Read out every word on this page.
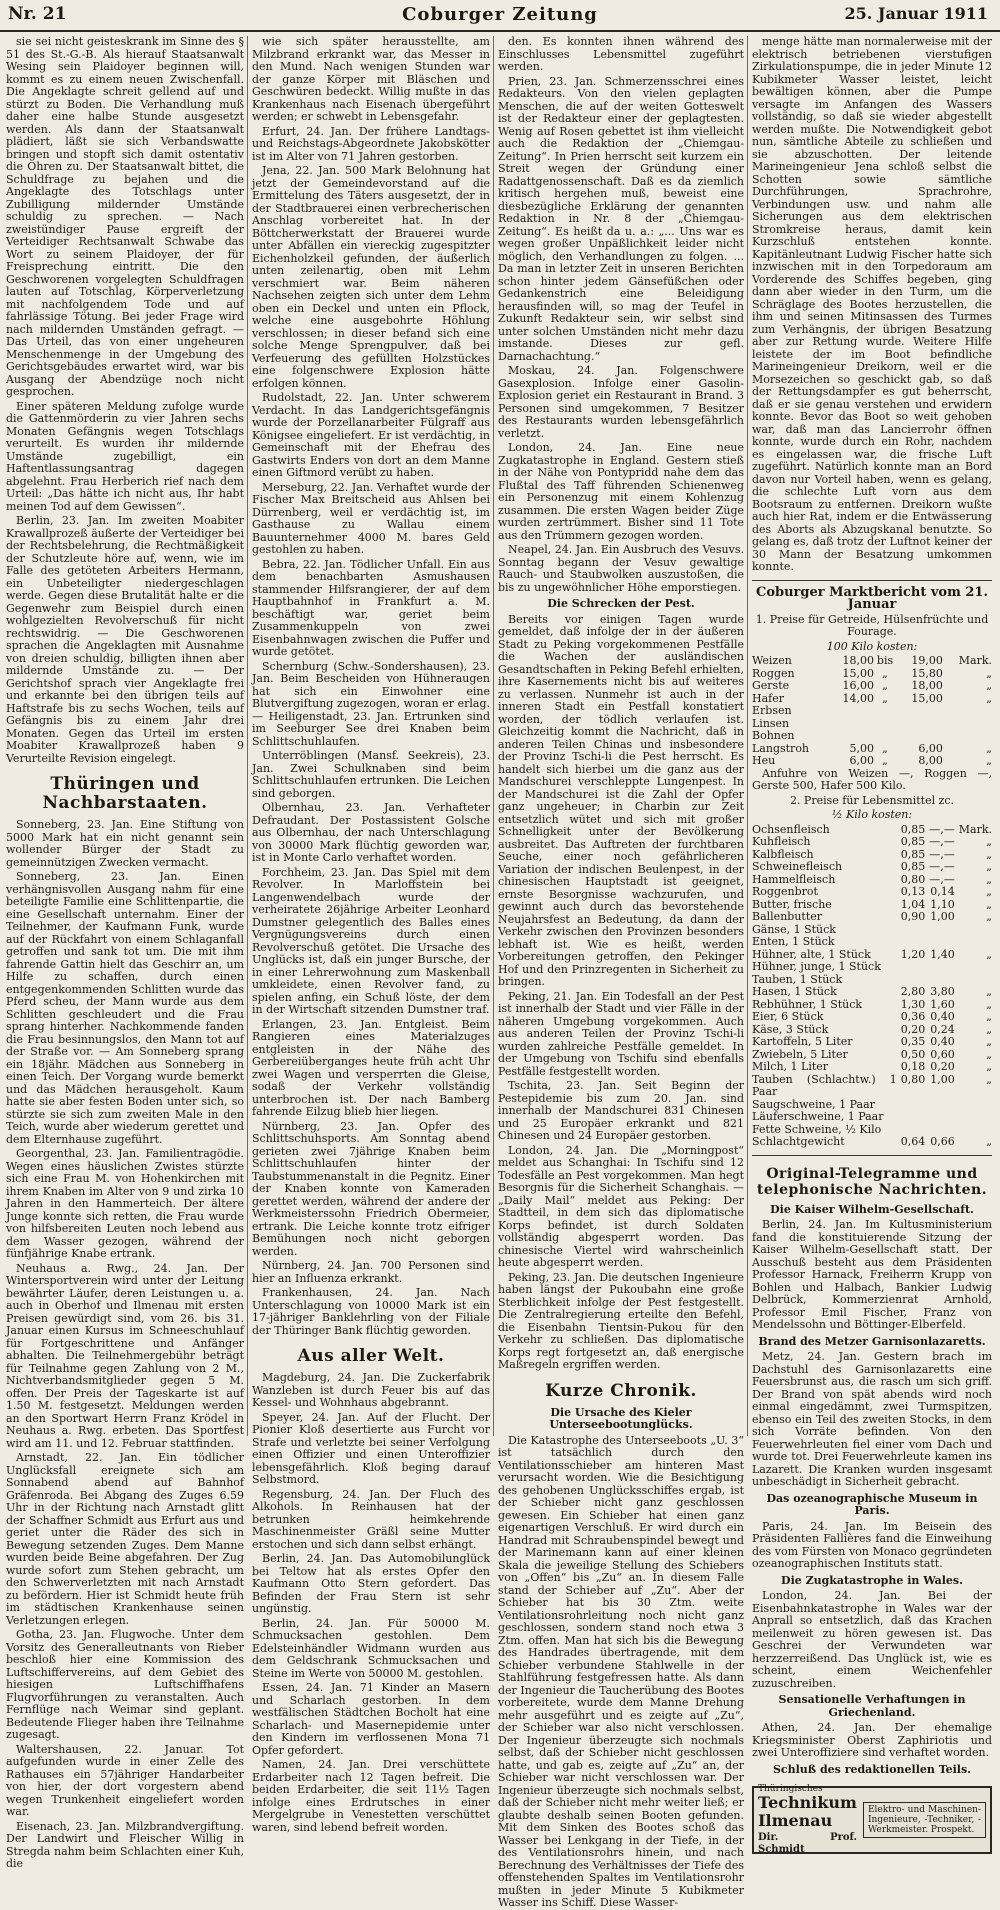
Nr. 21	Coburger Zeitung	25. Januar 1911

sie sei nicht geisteskrank im Sinne des § 51 des St.-G.-B. Als hierauf Staatsanwalt Wesing sein Plaidoyer beginnen will, kommt es zu einem neuen Zwischenfall. Die Angeklagte schreit gellend auf und stürzt zu Boden. Die Verhandlung muß daher eine halbe Stunde ausgesetzt werden. Als dann der Staatsanwalt plädiert, läßt sie sich Verbandswatte bringen und stopft sich damit ostentativ die Ohren zu. Der Staatsanwalt bittet, die Schuldfrage zu bejahen und die Angeklagte des Totschlags unter Zubilligung mildernder Umstände schuldig zu sprechen. — Nach zweistündiger Pause ergreift der Verteidiger Rechtsanwalt Schwabe das Wort zu seinem Plaidoyer, der für Freisprechung eintritt. Die den Geschworenen vorgelegten Schuldfragen lauten auf Totschlag, Körperverletzung mit nachfolgendem Tode und auf fahrlässige Tötung. Bei jeder Frage wird nach mildernden Umständen gefragt. — Das Urteil, das von einer ungeheuren Menschenmenge in der Umgebung des Gerichtsgebäudes erwartet wird, war bis Ausgang der Abendzüge noch nicht gesprochen.

Einer späteren Meldung zufolge wurde die Gattenmörderin zu vier Jahren sechs Monaten Gefängnis wegen Totschlags verurteilt. Es wurden ihr mildernde Umstände zugebilligt, ein Haftentlassungsantrag dagegen abgelehnt. Frau Herberich rief nach dem Urteil: „Das hätte ich nicht aus, Ihr habt meinen Tod auf dem Gewissen“.

Berlin, 23. Jan. Im zweiten Moabiter Krawallprozeß äußerte der Verteidiger bei der Rechtsbelehrung, die Rechtmäßigkeit der Schutzleute höre auf, wenn, wie im Falle des getöteten Arbeiters Hermann, ein Unbeteiligter niedergeschlagen werde. Gegen diese Brutalität halte er die Gegenwehr zum Beispiel durch einen wohlgezielten Revolverschuß für nicht rechtswidrig. — Die Geschworenen sprachen die Angeklagten mit Ausnahme von dreien schuldig, billigten ihnen aber mildernde Umstände zu. — Der Gerichtshof sprach vier Angeklagte frei und erkannte bei den übrigen teils auf Haftstrafe bis zu sechs Wochen, teils auf Gefängnis bis zu einem Jahr drei Monaten. Gegen das Urteil im ersten Moabiter Krawallprozeß haben 9 Verurteilte Revision eingelegt.

Thüringen und Nachbarstaaten.

Sonneberg, 23. Jan. Eine Stiftung von 5000 Mark hat ein nicht genannt sein wollender Bürger der Stadt zu gemeinnützigen Zwecken vermacht.

Sonneberg, 23. Jan. Einen verhängnisvollen Ausgang nahm für eine beteiligte Familie eine Schlittenpartie, die eine Gesellschaft unternahm. Einer der Teilnehmer, der Kaufmann Funk, wurde auf der Rückfahrt von einem Schlaganfall getroffen und sank tot um. Die mit ihm fahrende Gattin hielt das Geschirr an, um Hilfe zu schaffen, durch einen entgegenkommenden Schlitten wurde das Pferd scheu, der Mann wurde aus dem Schlitten geschleudert und die Frau sprang hinterher. Nachkommende fanden die Frau besinnungslos, den Mann tot auf der Straße vor. — Am Sonneberg sprang ein 18jähr. Mädchen aus Sonneberg in einen Teich. Der Vorgang wurde bemerkt und das Mädchen herausgeholt. Kaum hatte sie aber festen Boden unter sich, so stürzte sie sich zum zweiten Male in den Teich, wurde aber wiederum gerettet und dem Elternhause zugeführt.

Georgenthal, 23. Jan. Familientragödie. Wegen eines häuslichen Zwistes stürzte sich eine Frau M. von Hohenkirchen mit ihrem Knaben im Alter von 9 und zirka 10 Jahren in den Hammerteich. Der ältere Junge konnte sich retten, die Frau wurde von hilfsbereiten Leuten noch lebend aus dem Wasser gezogen, während der fünfjährige Knabe ertrank.

Neuhaus a. Rwg., 24. Jan. Der Wintersportverein wird unter der Leitung bewährter Läufer, deren Leistungen u. a. auch in Oberhof und Ilmenau mit ersten Preisen gewürdigt sind, vom 26. bis 31. Januar einen Kursus im Schneeschuhlauf für Fortgeschrittene und Anfänger abhalten. Die Teilnehmergebühr beträgt für Teilnahme gegen Zahlung von 2 M., Nichtverbandsmitglieder gegen 5 M. offen. Der Preis der Tageskarte ist auf 1.50 M. festgesetzt. Meldungen werden an den Sportwart Herrn Franz Krödel in Neuhaus a. Rwg. erbeten. Das Sportfest wird am 11. und 12. Februar stattfinden.

Arnstadt, 22. Jan. Ein tödlicher Unglücksfall ereignete sich am Sonnabend abend auf Bahnhof Gräfenroda. Bei Abgang des Zuges 6.59 Uhr in der Richtung nach Arnstadt glitt der Schaffner Schmidt aus Erfurt aus und geriet unter die Räder des sich in Bewegung setzenden Zuges. Dem Manne wurden beide Beine abgefahren. Der Zug wurde sofort zum Stehen gebracht, um den Schwerverletzten mit nach Arnstadt zu befördern. Hier ist Schmidt heute früh im städtischen Krankenhause seinen Verletzungen erlegen.

Gotha, 23. Jan. Flugwoche. Unter dem Vorsitz des Generalleutnants von Rieber beschloß hier eine Kommission des Luftschiffervereins, auf dem Gebiet des hiesigen Luftschiffhafens Flugvorführungen zu veranstalten. Auch Fernflüge nach Weimar sind geplant. Bedeutende Flieger haben ihre Teilnahme zugesagt.

Waltershausen, 22. Januar. Tot aufgefunden wurde in einer Zelle des Rathauses ein 57jähriger Handarbeiter von hier, der dort vorgestern abend wegen Trunkenheit eingeliefert worden war.

Eisenach, 23. Jan. Milzbrandvergiftung. Der Landwirt und Fleischer Willig in Stregda nahm beim Schlachten einer Kuh, die

wie sich später herausstellte, am Milzbrand erkrankt war, das Messer in den Mund. Nach wenigen Stunden war der ganze Körper mit Bläschen und Geschwüren bedeckt. Willig mußte in das Krankenhaus nach Eisenach übergeführt werden; er schwebt in Lebensgefahr.

Erfurt, 24. Jan. Der frühere Landtags- und Reichstags-Abgeordnete Jakobskötter ist im Alter von 71 Jahren gestorben.

Jena, 22. Jan. 500 Mark Belohnung hat jetzt der Gemeindevorstand auf die Ermittelung des Täters ausgesetzt, der in der Stadtbrauerei einen verbrecherischen Anschlag vorbereitet hat. In der Böttcherwerkstatt der Brauerei wurde unter Abfällen ein viereckig zugespitzter Eichenholzkeil gefunden, der äußerlich unten zeilenartig, oben mit Lehm verschmiert war. Beim näheren Nachsehen zeigten sich unter dem Lehm oben ein Deckel und unten ein Pflock, welche eine ausgebohrte Höhlung verschlossen; in dieser befand sich eine solche Menge Sprengpulver, daß bei Verfeuerung des gefüllten Holzstückes eine folgenschwere Explosion hätte erfolgen können.

Rudolstadt, 22. Jan. Unter schwerem Verdacht. In das Landgerichtsgefängnis wurde der Porzellanarbeiter Fülgraff aus Königsee eingeliefert. Er ist verdächtig, in Gemeinschaft mit der Ehefrau des Gastwirts Enders von dort an dem Manne einen Giftmord verübt zu haben.

Merseburg, 22. Jan. Verhaftet wurde der Fischer Max Breitscheid aus Ahlsen bei Dürrenberg, weil er verdächtig ist, im Gasthause zu Wallau einem Bauunternehmer 4000 M. bares Geld gestohlen zu haben.

Bebra, 22. Jan. Tödlicher Unfall. Ein aus dem benachbarten Asmushausen stammender Hilfsrangierer, der auf dem Hauptbahnhof in Frankfurt a. M. beschäftigt war, geriet beim Zusammenkuppeln von zwei Eisenbahnwagen zwischen die Puffer und wurde getötet.

Schernburg (Schw.-Sondershausen), 23. Jan. Beim Bescheiden von Hühneraugen hat sich ein Einwohner eine Blutvergiftung zugezogen, woran er erlag. — Heiligenstadt, 23. Jan. Ertrunken sind im Seeburger See drei Knaben beim Schlittschuhlaufen.

Unterröblingen (Mansf. Seekreis), 23. Jan. Zwei Schulknaben sind beim Schlittschuhlaufen ertrunken. Die Leichen sind geborgen.

Olbernhau, 23. Jan. Verhafteter Defraudant. Der Postassistent Golsche aus Olbernhau, der nach Unterschlagung von 30000 Mark flüchtig geworden war, ist in Monte Carlo verhaftet worden.

Forchheim, 23. Jan. Das Spiel mit dem Revolver. In Marloffstein bei Langenwendelbach wurde der verheiratete 26jährige Arbeiter Leonhard Dumstner gelegentlich des Balles eines Vergnügungsvereins durch einen Revolverschuß getötet. Die Ursache des Unglücks ist, daß ein junger Bursche, der in einer Lehrerwohnung zum Maskenball umkleidete, einen Revolver fand, zu spielen anfing, ein Schuß löste, der dem in der Wirtschaft sitzenden Dumstner traf.

Erlangen, 23. Jan. Entgleist. Beim Rangieren eines Materialzuges entgleisten in der Nähe des Gerbereiüberganges heute früh acht Uhr zwei Wagen und versperrten die Gleise, sodaß der Verkehr vollständig unterbrochen ist. Der nach Bamberg fahrende Eilzug blieb hier liegen.

Nürnberg, 23. Jan. Opfer des Schlittschuhsports. Am Sonntag abend gerieten zwei 7jährige Knaben beim Schlittschuhlaufen hinter der Taubstummenanstalt in die Pegnitz. Einer der Knaben konnte von Kameraden gerettet werden, während der andere der Werkmeisterssohn Friedrich Obermeier, ertrank. Die Leiche konnte trotz eifriger Bemühungen noch nicht geborgen werden.

Nürnberg, 24. Jan. 700 Personen sind hier an Influenza erkrankt.

Frankenhausen, 24. Jan. Nach Unterschlagung von 10000 Mark ist ein 17-jähriger Banklehrling von der Filiale der Thüringer Bank flüchtig geworden.

Aus aller Welt.

Magdeburg, 24. Jan. Die Zuckerfabrik Wanzleben ist durch Feuer bis auf das Kessel- und Wohnhaus abgebrannt.

Speyer, 24. Jan. Auf der Flucht. Der Pionier Kloß desertierte aus Furcht vor Strafe und verletzte bei seiner Verfolgung einen Offizier und einen Unteroffizier lebensgefährlich. Kloß beging darauf Selbstmord.

Regensburg, 24. Jan. Der Fluch des Alkohols. In Reinhausen hat der betrunken heimkehrende Maschinenmeister Gräßl seine Mutter erstochen und sich dann selbst erhängt.

Berlin, 24. Jan. Das Automobilunglück bei Teltow hat als erstes Opfer den Kaufmann Otto Stern gefordert. Das Befinden der Frau Stern ist sehr ungünstig.

Berlin, 24. Jan. Für 50000 M. Schmucksachen gestohlen. Dem Edelsteinhändler Widmann wurden aus dem Geldschrank Schmucksachen und Steine im Werte von 50000 M. gestohlen.

Essen, 24. Jan. 71 Kinder an Masern und Scharlach gestorben. In dem westfälischen Städtchen Bocholt hat eine Scharlach- und Masernepidemie unter den Kindern im verflossenen Mona 71 Opfer gefordert.

Namen, 24. Jan. Drei verschüttete Erdarbeiter nach 12 Tagen befreit. Die beiden Erdarbeiter, die seit 11½ Tagen infolge eines Erdrutsches in einer Mergelgrube in Venestetten verschüttet waren, sind lebend befreit worden.

den. Es konnten ihnen während des Einschlusses Lebensmittel zugeführt werden.

Prien, 23. Jan. Schmerzensschrei eines Redakteurs. Von den vielen geplagten Menschen, die auf der weiten Gotteswelt ist der Redakteur einer der geplagtesten. Wenig auf Rosen gebettet ist ihm vielleicht auch die Redaktion der „Chiemgau-Zeitung“. In Prien herrscht seit kurzem ein Streit wegen der Gründung einer Radattgenossenschaft. Daß es da ziemlich kritisch hergehen muß, beweist eine diesbezügliche Erklärung der genannten Redaktion in Nr. 8 der „Chiemgau-Zeitung“. Es heißt da u. a.: „... Uns war es wegen großer Unpäßlichkeit leider nicht möglich, den Verhandlungen zu folgen. ... Da man in letzter Zeit in unseren Berichten schon hinter jedem Gänsefüßchen oder Gedankenstrich eine Beleidigung herausfinden will, so mag der Teufel in Zukunft Redakteur sein, wir selbst sind unter solchen Umständen nicht mehr dazu imstande. Dieses zur gefl. Darnachachtung.“

Moskau, 24. Jan. Folgenschwere Gasexplosion. Infolge einer Gasolin-Explosion geriet ein Restaurant in Brand. 3 Personen sind umgekommen, 7 Besitzer des Restaurants wurden lebensgefährlich verletzt.

London, 24. Jan. Eine neue Zugkatastrophe in England. Gestern stieß in der Nähe von Pontypridd nahe dem das Flußtal des Taff führenden Schienenweg ein Personenzug mit einem Kohlenzug zusammen. Die ersten Wagen beider Züge wurden zertrümmert. Bisher sind 11 Tote aus den Trümmern gezogen worden.

Neapel, 24. Jan. Ein Ausbruch des Vesuvs. Sonntag begann der Vesuv gewaltige Rauch- und Staubwolken auszustoßen, die bis zu ungewöhnlicher Höhe emporstiegen.

Die Schrecken der Pest.

Bereits vor einigen Tagen wurde gemeldet, daß infolge der in der äußeren Stadt zu Peking vorgekommenen Pestfälle die Wachen der ausländischen Gesandtschaften in Peking Befehl erhielten, ihre Kasernements nicht bis auf weiteres zu verlassen. Nunmehr ist auch in der inneren Stadt ein Pestfall konstatiert worden, der tödlich verlaufen ist. Gleichzeitig kommt die Nachricht, daß in anderen Teilen Chinas und insbesondere der Provinz Tschi-li die Pest herrscht. Es handelt sich hierbei um die ganz aus der Mandschurei verschleppte Lungenpest. In der Mandschurei ist die Zahl der Opfer ganz ungeheuer; in Charbin zur Zeit entsetzlich wütet und sich mit großer Schnelligkeit unter der Bevölkerung ausbreitet. Das Auftreten der furchtbaren Seuche, einer noch gefährlicheren Variation der indischen Beulenpest, in der chinesischen Hauptstadt ist geeignet, ernste Besorgnisse wachzurufen, und gewinnt auch durch das bevorstehende Neujahrsfest an Bedeutung, da dann der Verkehr zwischen den Provinzen besonders lebhaft ist. Wie es heißt, werden Vorbereitungen getroffen, den Pekinger Hof und den Prinzregenten in Sicherheit zu bringen.

Peking, 21. Jan. Ein Todesfall an der Pest ist innerhalb der Stadt und vier Fälle in der näheren Umgebung vorgekommen. Auch aus anderen Teilen der Provinz Tschi-li wurden zahlreiche Pestfälle gemeldet. In der Umgebung von Tschifu sind ebenfalls Pestfälle festgestellt worden.

Tschita, 23. Jan. Seit Beginn der Pestepidemie bis zum 20. Jan. sind innerhalb der Mandschurei 831 Chinesen und 25 Europäer erkrankt und 821 Chinesen und 24 Europäer gestorben.

London, 24. Jan. Die „Morningpost“ meldet aus Schanghai: In Tschifu sind 12 Todesfälle an Pest vorgekommen. Man hegt Besorgnis für die Sicherheit Schanghais. — „Daily Mail“ meldet aus Peking: Der Stadtteil, in dem sich das diplomatische Korps befindet, ist durch Soldaten vollständig abgesperrt worden. Das chinesische Viertel wird wahrscheinlich heute abgesperrt werden.

Peking, 23. Jan. Die deutschen Ingenieure haben längst der Pukoubahn eine große Sterblichkeit infolge der Pest festgestellt. Die Zentralregierung erteilte den Befehl, die Eisenbahn Tientsin-Pukou für den Verkehr zu schließen. Das diplomatische Korps regt fortgesetzt an, daß energische Maßregeln ergriffen werden.

Kurze Chronik.
Die Ursache des Kieler Unterseebootunglücks.

Die Katastrophe des Unterseeboots „U. 3“ ist tatsächlich durch den Ventilationsschieber am hinteren Mast verursacht worden. Wie die Besichtigung des gehobenen Unglücksschiffes ergab, ist der Schieber nicht ganz geschlossen gewesen. Ein Schieber hat einen ganz eigenartigen Verschluß. Er wird durch ein Handrad mit Schraubenspindel bewegt und der Marinemann kann auf einer kleinen Skala die jeweilige Stellung des Schiebers von „Offen“ bis „Zu“ an. In diesem Falle stand der Schieber auf „Zu“. Aber der Schieber hat bis 30 Ztm. weite Ventilationsrohrleitung noch nicht ganz geschlossen, sondern stand noch etwa 3 Ztm. offen. Man hat sich bis die Bewegung des Handrades übertragende, mit dem Schieber verbundene Stahlwelle in der Stahlführung festgefressen hatte. Als dann der Ingenieur die Taucherübung des Bootes vorbereitete, wurde dem Manne Drehung mehr ausgeführt und es zeigte auf „Zu“, der Schieber war also nicht verschlossen. Der Ingenieur überzeugte sich nochmals selbst, daß der Schieber nicht geschlossen hatte, und gab es, zeigte auf „Zu“ an, der Schieber war nicht verschlossen war. Der Ingenieur überzeugte sich nochmals selbst, daß der Schieber nicht mehr weiter ließ; er glaubte deshalb seinen Booten gefunden. Mit dem Sinken des Bootes schoß das Wasser bei Lenkgang in der Tiefe, in der des Ventilationsrohrs hinein, und nach Berechnung des Verhältnisses der Tiefe des offenstehenden Spaltes im Ventilationsrohr mußten in jeder Minute 5 Kubikmeter Wasser ins Schiff. Diese Wasser-

menge hätte man normalerweise mit der elektrisch betriebenen vierstufigen Zirkulationspumpe, die in jeder Minute 12 Kubikmeter Wasser leistet, leicht bewältigen können, aber die Pumpe versagte im Anfangen des Wassers vollständig, so daß sie wieder abgestellt werden mußte. Die Notwendigkeit gebot nun, sämtliche Abteile zu schließen und sie abzuschotten. Der leitende Marineingenieur Jena schloß selbst die Schotten sowie sämtliche Durchführungen, Sprachrohre, Verbindungen usw. und nahm alle Sicherungen aus dem elektrischen Stromkreise heraus, damit kein Kurzschluß entstehen konnte. Kapitänleutnant Ludwig Fischer hatte sich inzwischen mit in den Torpedoraum am Vorderende des Schiffes begeben, ging dann aber wieder in den Turm, um die Schräglage des Bootes herzustellen, die ihm und seinen Mitinsassen des Turmes zum Verhängnis, der übrigen Besatzung aber zur Rettung wurde. Weitere Hilfe leistete der im Boot befindliche Marineingenieur Dreikorn, weil er die Morsezeichen so geschickt gab, so daß der Rettungsdampfer es gut beherrscht, daß er sie genau verstehen und erwidern konnte. Bevor das Boot so weit gehoben war, daß man das Lancierrohr öffnen konnte, wurde durch ein Rohr, nachdem es eingelassen war, die frische Luft zugeführt. Natürlich konnte man an Bord davon nur Vorteil haben, wenn es gelang, die schlechte Luft vorn aus dem Bootsraum zu entfernen. Dreikorn wußte auch hier Rat, indem er die Entwässerung des Aborts als Abzugskanal benutzte. So gelang es, daß trotz der Luftnot keiner der 30 Mann der Besatzung umkommen konnte.

Coburger Marktbericht vom 21. Januar
1. Preise für Getreide, Hülsenfrüchte und Fourage.
100 Kilo kosten:
Weizen	18,00	bis	19,00	Mark.
Roggen	15,00	„	15,80	„
Gerste	16,00	„	18,00	„
Hafer	14,00	„	15,00	„
Erbsen				
Linsen				
Bohnen				
Langstroh	5,00	„	6,00	„
Heu	6,00	„	8,00	„

Anfuhre von Weizen —, Roggen —, Gerste 500, Hafer 500 Kilo.

2. Preise für Lebensmittel zc.
½ Kilo kosten:
Ochsenfleisch	0,85	—,—	Mark.
Kuhfleisch	0,85	—,—	„
Kalbfleisch	0,85	—,—	„
Schweinefleisch	0,85	—,—	„
Hammelfleisch	0,80	—,—	„
Roggenbrot	0,13	0,14	„
Butter, frische	1,04	1,10	„
Ballenbutter	0,90	1,00	„
Gänse, 1 Stück			
Enten, 1 Stück			
Hühner, alte, 1 Stück	1,20	1,40	„
Hühner, junge, 1 Stück			
Tauben, 1 Stück			
Hasen, 1 Stück	2,80	3,80	„
Rebhühner, 1 Stück	1,30	1,60	„
Eier, 6 Stück	0,36	0,40	„
Käse, 3 Stück	0,20	0,24	„
Kartoffeln, 5 Liter	0,35	0,40	„
Zwiebeln, 5 Liter	0,50	0,60	„
Milch, 1 Liter	0,18	0,20	„
Tauben (Schlachtw.) 1 Paar	0,80	1,00	„
Saugschweine, 1 Paar			
Läuferschweine, 1 Paar			
Fette Schweine, ½ Kilo			
Schlachtgewicht	0,64	0,66	„
Original-Telegramme und telephonische Nachrichten.
Die Kaiser Wilhelm-Gesellschaft.

Berlin, 24. Jan. Im Kultusministerium fand die konstituierende Sitzung der Kaiser Wilhelm-Gesellschaft statt. Der Ausschuß besteht aus dem Präsidenten Professor Harnack, Freiherrn Krupp von Bohlen und Halbach, Bankier Ludwig Delbrück, Kommerzienrat Arnhold, Professor Emil Fischer, Franz von Mendelssohn und Böttinger-Elberfeld.

Brand des Metzer Garnisonlazaretts.

Metz, 24. Jan. Gestern brach im Dachstuhl des Garnisonlazaretts eine Feuersbrunst aus, die rasch um sich griff. Der Brand von spät abends wird noch einmal eingedämmt, zwei Turmspitzen, ebenso ein Teil des zweiten Stocks, in dem sich Vorräte befinden. Von den Feuerwehrleuten fiel einer vom Dach und wurde tot. Drei Feuerwehrleute kamen ins Lazarett. Die Kranken wurden insgesamt unbeschädigt in Sicherheit gebracht.

Das ozeanographische Museum in Paris.

Paris, 24. Jan. Im Beisein des Präsidenten Fallières fand die Einweihung des vom Fürsten von Monaco gegründeten ozeanographischen Instituts statt.

Die Zugkatastrophe in Wales.

London, 24. Jan. Bei der Eisenbahnkatastrophe in Wales war der Anprall so entsetzlich, daß das Krachen meilenweit zu hören gewesen ist. Das Geschrei der Verwundeten war herzzerreißend. Das Unglück ist, wie es scheint, einem Weichenfehler zuzuschreiben.

Sensationelle Verhaftungen in Griechenland.

Athen, 24. Jan. Der ehemalige Kriegsminister Oberst Zaphiriotis und zwei Unteroffiziere sind verhaftet worden.

Schluß des redaktionellen Teils.
Thüringisches
Technikum Ilmenau
Dir. Prof. Schmidt
Elektro- und Maschinen-Ingenieure, -Techniker, -Werkmeister. Prospekt.
